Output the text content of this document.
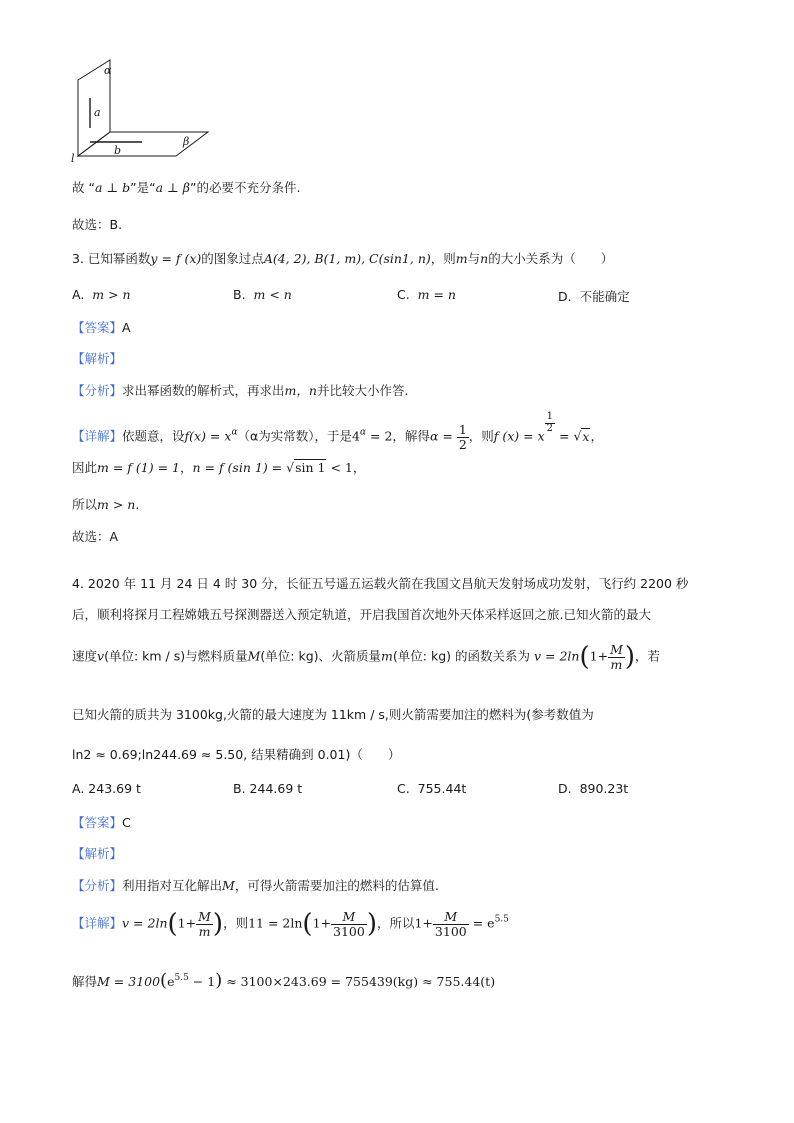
α
a
b
β
l
故 “a ⊥ b”是“a ⊥ β”的必要不充分条件.
故选：B.
3. 已知幂函数y = f (x)的图象过点A(4, 2), B(1, m), C(sin1, n)，则m与n的大小关系为（　　）
A. m > n	B. m < n	C. m = n	D. 不能确定
【答案】A
【解析】
【分析】求出幂函数的解析式，再求出m，n并比较大小作答.
【详解】依题意，设$f(x) = x^\alpha(\alpha$为实常数），于是$4^\alpha = 2$，解得$\alpha = \frac{1}{2}$ ，则f (x) = x
$\frac{1}{2}$
= √x，
因此m = f (1) = 1，n = f (sin 1) = √sin 1 < 1，
所以m > n.
故选：A
4. 2020 年 11 月 24 日 4 时 30 分，长征五号遥五运载火箭在我国文昌航天发射场成功发射，飞行约 2200 秒
后，顺利将探月工程嫦娥五号探测器送入预定轨道，开启我国首次地外天体采样返回之旅.已知火箭的最大
速度v(单位: km / s)与燃料质量M(单位: kg)、火箭质量m(单位: kg) 的函数关系为 $v = 2\ln(1+ \frac{M}{m}$ )，若
已知火箭的质共为 3100kg,火箭的最大速度为 11km / s,则火箭需要加注的燃料为(参考数值为
ln2 ≈ 0.69;ln244.69 ≈ 5.50, 结果精确到 0.01)（　　）
A. 243.69 t	B. 244.69 t	C. 755.44t	D. 890.23t
【答案】C
【解析】
【分析】利用指对互化解出M，可得火箭需要加注的燃料的估算值.
【详解】$v = 2\ln(1+ \frac{M}{m}$ )，则$11 = 2\ln(1+ \frac{M}{3100}$ )，所以$1+ \frac{M}{3100} = e^{5.5}$
解得$M = 3100(e^{5.5} - 1) \approx 3100\times 243.69 = 755439(kg) \approx 755.44(t)$
